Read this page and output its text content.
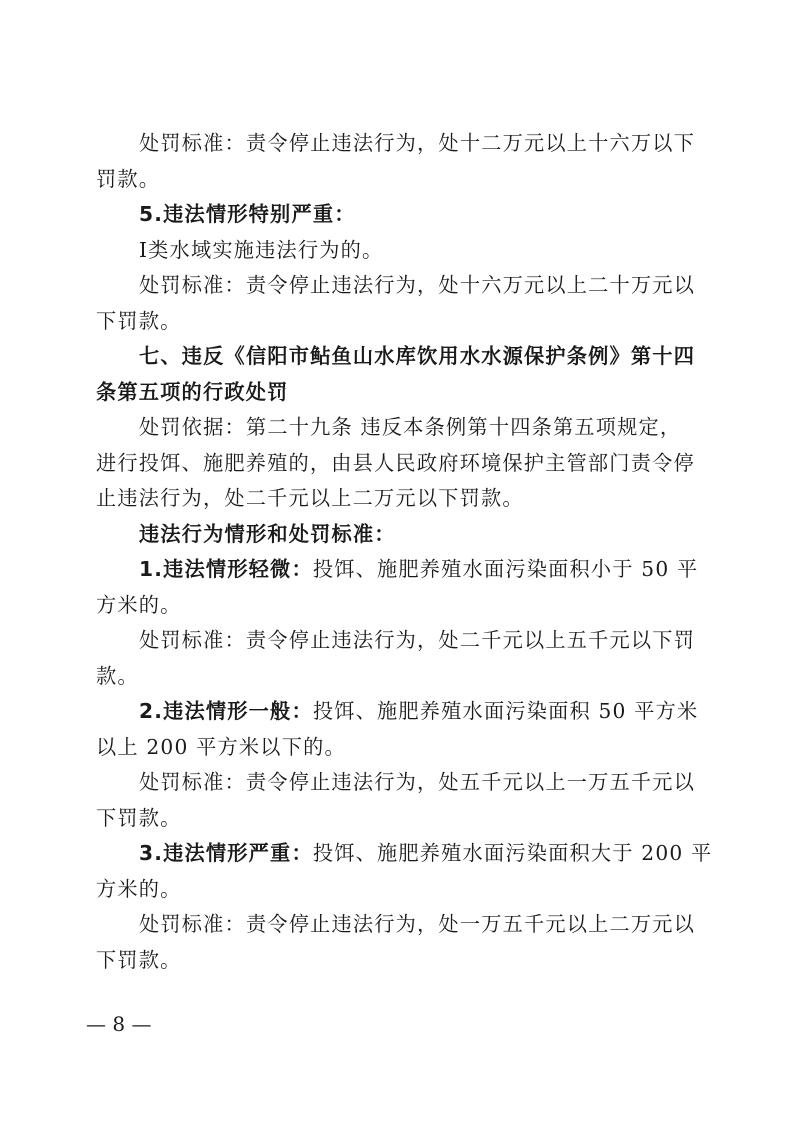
处罚标准：责令停止违法行为，处十二万元以上十六万以下
罚款。
5.违法情形特别严重：
Ⅰ类水域实施违法行为的。
处罚标准：责令停止违法行为，处十六万元以上二十万元以
下罚款。
七、违反《信阳市鲇鱼山水库饮用水水源保护条例》第十四
条第五项的行政处罚
处罚依据：第二十九条 违反本条例第十四条第五项规定，
进行投饵、施肥养殖的，由县人民政府环境保护主管部门责令停
止违法行为，处二千元以上二万元以下罚款。
违法行为情形和处罚标准：
1.违法情形轻微：投饵、施肥养殖水面污染面积小于 50 平
方米的。
处罚标准：责令停止违法行为，处二千元以上五千元以下罚
款。
2.违法情形一般：投饵、施肥养殖水面污染面积 50 平方米
以上 200 平方米以下的。
处罚标准：责令停止违法行为，处五千元以上一万五千元以
下罚款。
3.违法情形严重：投饵、施肥养殖水面污染面积大于 200 平
方米的。
处罚标准：责令停止违法行为，处一万五千元以上二万元以
下罚款。
— 8 —
